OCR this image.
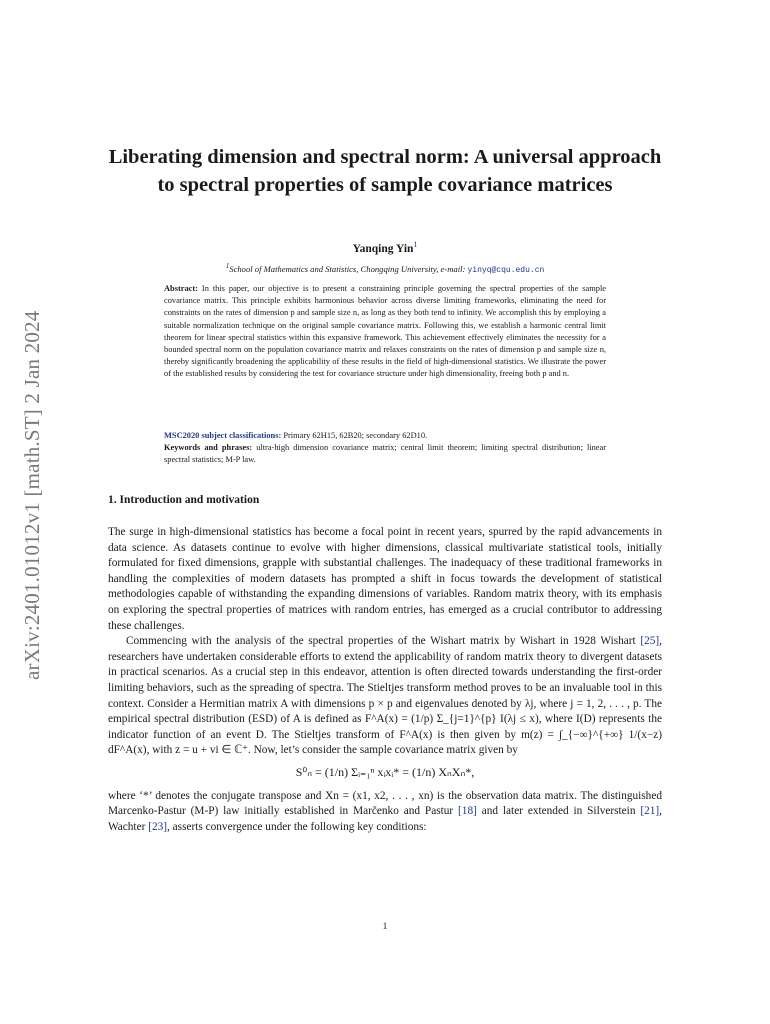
arXiv:2401.01012v1 [math.ST] 2 Jan 2024
Liberating dimension and spectral norm: A universal approach to spectral properties of sample covariance matrices
Yanqing Yin$^1$
$^1$School of Mathematics and Statistics, Chongqing University, e-mail: yinyq@cqu.edu.cn
Abstract: In this paper, our objective is to present a constraining principle governing the spectral properties of the sample covariance matrix. This principle exhibits harmonious behavior across diverse limiting frameworks, eliminating the need for constraints on the rates of dimension p and sample size n, as long as they both tend to infinity. We accomplish this by employing a suitable normalization technique on the original sample covariance matrix. Following this, we establish a harmonic central limit theorem for linear spectral statistics within this expansive framework. This achievement effectively eliminates the necessity for a bounded spectral norm on the population covariance matrix and relaxes constraints on the rates of dimension p and sample size n, thereby significantly broadening the applicability of these results in the field of high-dimensional statistics. We illustrate the power of the established results by considering the test for covariance structure under high dimensionality, freeing both p and n.
MSC2020 subject classifications: Primary 62H15, 62B20; secondary 62D10.
Keywords and phrases: ultra-high dimension covariance matrix; central limit theorem; limiting spectral distribution; linear spectral statistics; M-P law.
1. Introduction and motivation

The surge in high-dimensional statistics has become a focal point in recent years, spurred by the rapid advancements in data science. As datasets continue to evolve with higher dimensions, classical multivariate statistical tools, initially formulated for fixed dimensions, grapple with substantial challenges. The inadequacy of these traditional frameworks in handling the complexities of modern datasets has prompted a shift in focus towards the development of statistical methodologies capable of withstanding the expanding dimensions of variables. Random matrix theory, with its emphasis on exploring the spectral properties of matrices with random entries, has emerged as a crucial contributor to addressing these challenges.

Commencing with the analysis of the spectral properties of the Wishart matrix by Wishart in 1928 Wishart [25], researchers have undertaken considerable efforts to extend the applicability of random matrix theory to divergent datasets in practical scenarios. As a crucial step in this endeavor, attention is often directed towards understanding the first-order limiting behaviors, such as the spreading of spectra. The Stieltjes transform method proves to be an invaluable tool in this context. Consider a Hermitian matrix A with dimensions p × p and eigenvalues denoted by λj, where j = 1, 2, . . . , p. The empirical spectral distribution (ESD) of A is defined as F^A(x) = (1/p) Σ_{j=1}^{p} I(λj ≤ x), where I(D) represents the indicator function of an event D. The Stieltjes transform of F^A(x) is then given by m(z) = ∫_{−∞}^{+∞} 1/(x−z) dF^A(x), with z = u + vi ∈ ℂ⁺. Now, let’s consider the sample covariance matrix given by

S⁰ₙ = (1/n) Σᵢ₌₁ⁿ xᵢxᵢ* = (1/n) XₙXₙ*,

where ‘*’ denotes the conjugate transpose and Xn = (x1, x2, . . . , xn) is the observation data matrix. The distinguished Marcenko-Pastur (M-P) law initially established in Marčenko and Pastur [18] and later extended in Silverstein [21], Wachter [23], asserts convergence under the following key conditions:

1
